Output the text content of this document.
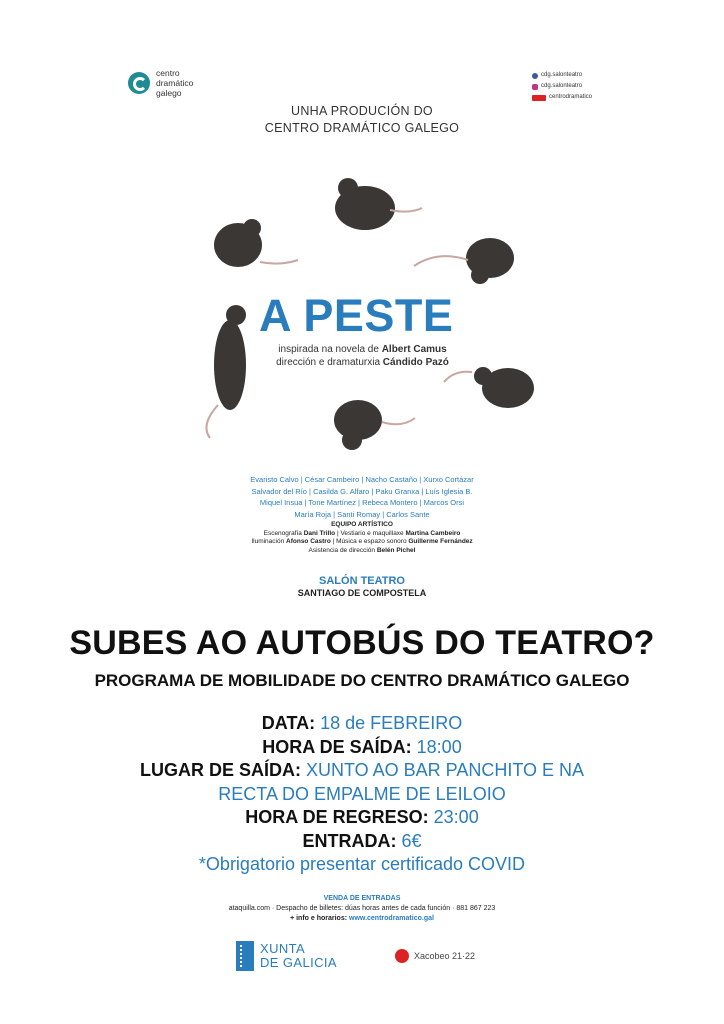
centro
dramático
galego
cdg.salonteatro
cdg.salonteatro
centrodramatico
UNHA PRODUCIÓN DO
CENTRO DRAMÁTICO GALEGO
A PESTE
inspirada na novela de Albert Camus
dirección e dramaturxia Cándido Pazó
Evaristo Calvo | César Cambeiro | Nacho Castaño | Xurxo Cortázar
Salvador del Río | Casilda G. Alfaro | Paku Granxa | Luís Iglesia B.
Miquel Insua | Tone Martínez | Rebeca Montero | Marcos Orsi
María Roja | Santi Romay | Carlos Sante
EQUIPO ARTÍSTICO
Escenografía Dani Trillo | Vestiario e maquillaxe Martina Cambeiro
Iluminación Afonso Castro | Música e espazo sonoro Guillerme Fernández
Asistencia de dirección Belén Pichel
SALÓN TEATRO
SANTIAGO DE COMPOSTELA
SUBES AO AUTOBÚS DO TEATRO?
PROGRAMA DE MOBILIDADE DO CENTRO DRAMÁTICO GALEGO
DATA: 18 de FEBREIRO
HORA DE SAÍDA: 18:00
LUGAR DE SAÍDA: XUNTO AO BAR PANCHITO E NA
RECTA DO EMPALME DE LEILOIO
HORA DE REGRESO: 23:00
ENTRADA: 6€
*Obrigatorio presentar certificado COVID
VENDA DE ENTRADAS
ataquilla.com · Despacho de billetes: dúas horas antes de cada función · 881 867 223
+ info e horarios: www.centrodramatico.gal
XUNTA
DE GALICIA	Xacobeo 21·22
